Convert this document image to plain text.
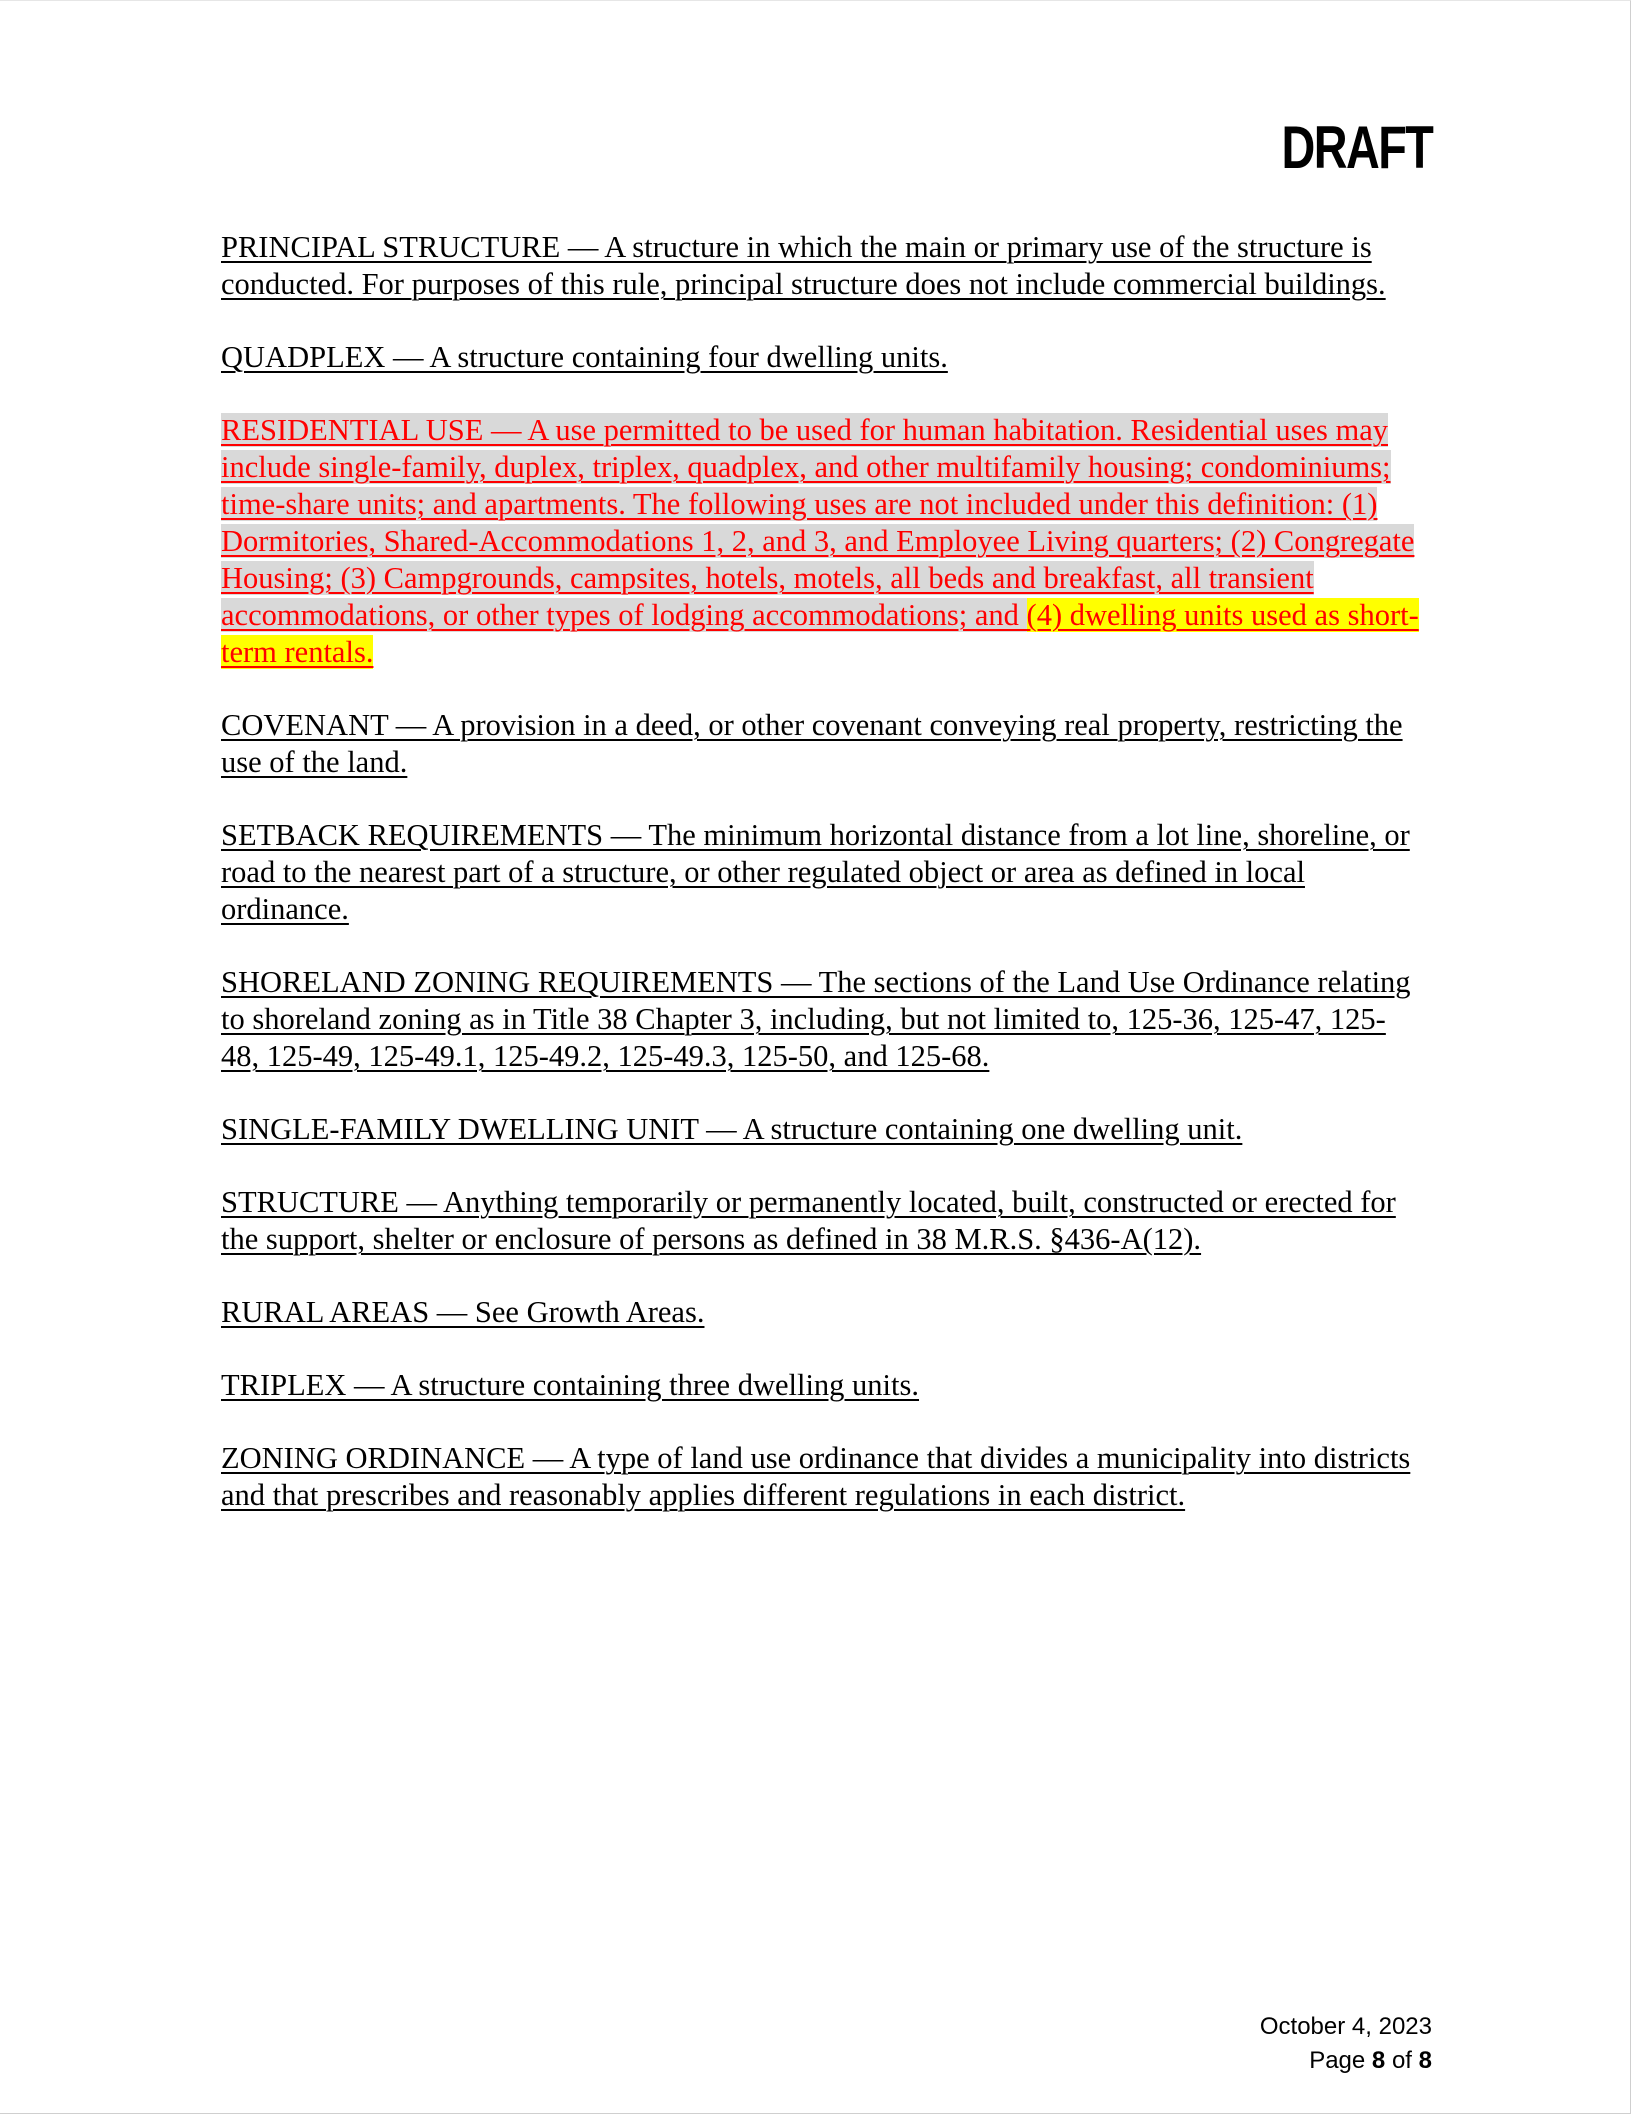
DRAFT

PRINCIPAL STRUCTURE — A structure in which the main or primary use of the structure is conducted. For purposes of this rule, principal structure does not include commercial buildings.

QUADPLEX — A structure containing four dwelling units.

RESIDENTIAL USE — A use permitted to be used for human habitation. Residential uses may include single-family, duplex, triplex, quadplex, and other multifamily housing; condominiums; time-share units; and apartments. The following uses are not included under this definition: (1) Dormitories, Shared-Accommodations 1, 2, and 3, and Employee Living quarters; (2) Congregate Housing; (3) Campgrounds, campsites, hotels, motels, all beds and breakfast, all transient accommodations, or other types of lodging accommodations; and (4) dwelling units used as short-term rentals.

COVENANT — A provision in a deed, or other covenant conveying real property, restricting the use of the land.

SETBACK REQUIREMENTS — The minimum horizontal distance from a lot line, shoreline, or road to the nearest part of a structure, or other regulated object or area as defined in local ordinance.

SHORELAND ZONING REQUIREMENTS — The sections of the Land Use Ordinance relating to shoreland zoning as in Title 38 Chapter 3, including, but not limited to, 125-36, 125-47, 125-48, 125-49, 125-49.1, 125-49.2, 125-49.3, 125-50, and 125-68.

SINGLE-FAMILY DWELLING UNIT — A structure containing one dwelling unit.

STRUCTURE — Anything temporarily or permanently located, built, constructed or erected for the support, shelter or enclosure of persons as defined in 38 M.R.S. §436-A(12).

RURAL AREAS — See Growth Areas.

TRIPLEX — A structure containing three dwelling units.

ZONING ORDINANCE — A type of land use ordinance that divides a municipality into districts and that prescribes and reasonably applies different regulations in each district.

October 4, 2023
Page 8 of 8
